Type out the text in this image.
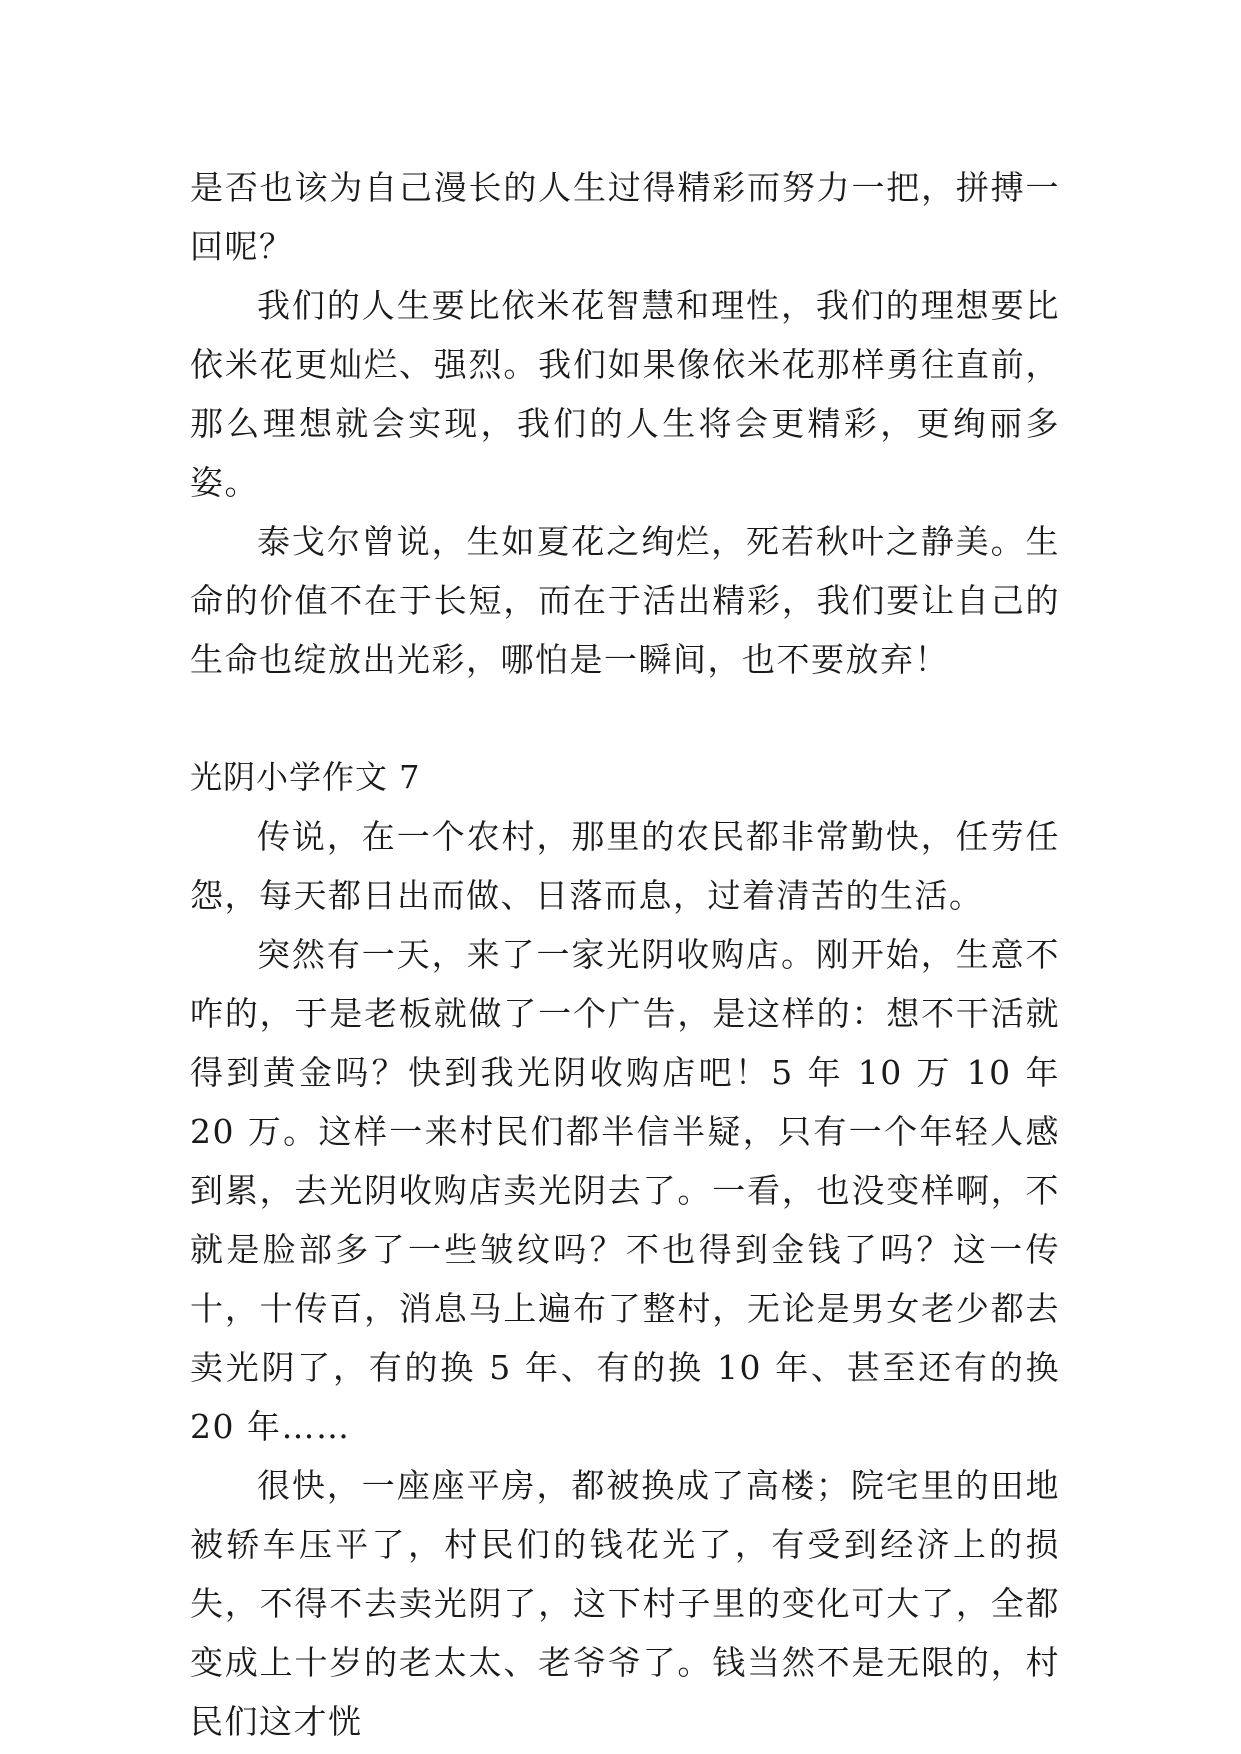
是否也该为自己漫长的人生过得精彩而努力一把，拼搏一回呢？

我们的人生要比依米花智慧和理性，我们的理想要比依米花更灿烂、强烈。我们如果像依米花那样勇往直前，那么理想就会实现，我们的人生将会更精彩，更绚丽多姿。

泰戈尔曾说，生如夏花之绚烂，死若秋叶之静美。生命的价值不在于长短，而在于活出精彩，我们要让自己的生命也绽放出光彩，哪怕是一瞬间，也不要放弃！

光阴小学作文 7

传说，在一个农村，那里的农民都非常勤快，任劳任怨，每天都日出而做、日落而息，过着清苦的生活。

突然有一天，来了一家光阴收购店。刚开始，生意不咋的，于是老板就做了一个广告，是这样的：想不干活就得到黄金吗？快到我光阴收购店吧！5 年 10 万 10 年 20 万。这样一来村民们都半信半疑，只有一个年轻人感到累，去光阴收购店卖光阴去了。一看，也没变样啊，不就是脸部多了一些皱纹吗？不也得到金钱了吗？这一传十，十传百，消息马上遍布了整村，无论是男女老少都去卖光阴了，有的换 5 年、有的换 10 年、甚至还有的换 20 年……

很快，一座座平房，都被换成了高楼；院宅里的田地被轿车压平了，村民们的钱花光了，有受到经济上的损失，不得不去卖光阴了，这下村子里的变化可大了，全都变成上十岁的老太太、老爷爷了。钱当然不是无限的，村民们这才恍
